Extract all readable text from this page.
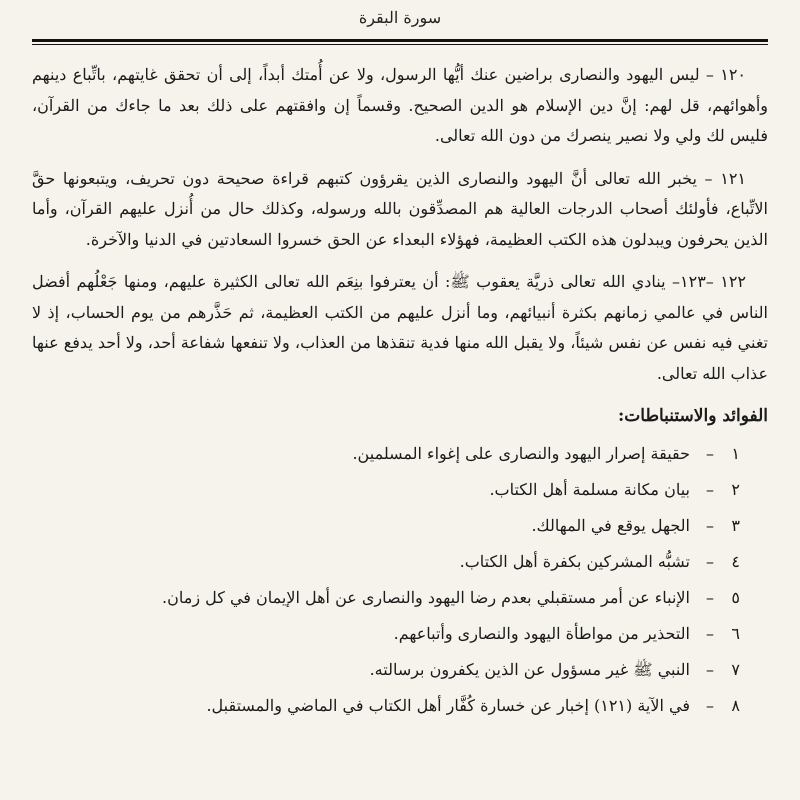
سورة البقرة

١٢٠ – ليس اليهود والنصارى براضين عنك أيُّها الرسول، ولا عن أُمتك أبداً، إلى أن تحقق غايتهم، باتِّباع دينهم وأهوائهم، قل لهم: إنَّ دين الإسلام هو الدين الصحيح. وقسماً إن وافقتهم على ذلك بعد ما جاءك من القرآن، فليس لك ولي ولا نصير ينصرك من دون الله تعالى.

١٢١ – يخبر الله تعالى أنَّ اليهود والنصارى الذين يقرؤون كتبهم قراءة صحيحة دون تحريف، ويتبعونها حقَّ الاتِّباع، فأولئك أصحاب الدرجات العالية هم المصدِّقون بالله ورسوله، وكذلك حال من أُنزل عليهم القرآن، وأما الذين يحرفون ويبدلون هذه الكتب العظيمة، فهؤلاء البعداء عن الحق خسروا السعادتين في الدنيا والآخرة.

١٢٢ –١٢٣– ينادي الله تعالى ذريَّة يعقوب ﷺ: أن يعترفوا بنِعَم الله تعالى الكثيرة عليهم، ومنها جَعْلُهم أفضل الناس في عالمي زمانهم بكثرة أنبيائهم، وما أنزل عليهم من الكتب العظيمة، ثم حَذَّرهم من يوم الحساب، إذ لا تغني فيه نفس عن نفس شيئاً، ولا يقبل الله منها فدية تنقذها من العذاب، ولا تنفعها شفاعة أحد، ولا أحد يدفع عنها عذاب الله تعالى.

الفوائد والاستنباطات:
١
–
حقيقة إصرار اليهود والنصارى على إغواء المسلمين.
٢
–
بيان مكانة مسلمة أهل الكتاب.
٣
–
الجهل يوقع في المهالك.
٤
–
تشبُّه المشركين بكفرة أهل الكتاب.
٥
–
الإنباء عن أمر مستقبلي بعدم رضا اليهود والنصارى عن أهل الإيمان في كل زمان.
٦
–
التحذير من مواطأة اليهود والنصارى وأتباعهم.
٧
–
النبي ﷺ غير مسؤول عن الذين يكفرون برسالته.
٨
–
في الآية (١٢١) إخبار عن خسارة كُفَّار أهل الكتاب في الماضي والمستقبل.
